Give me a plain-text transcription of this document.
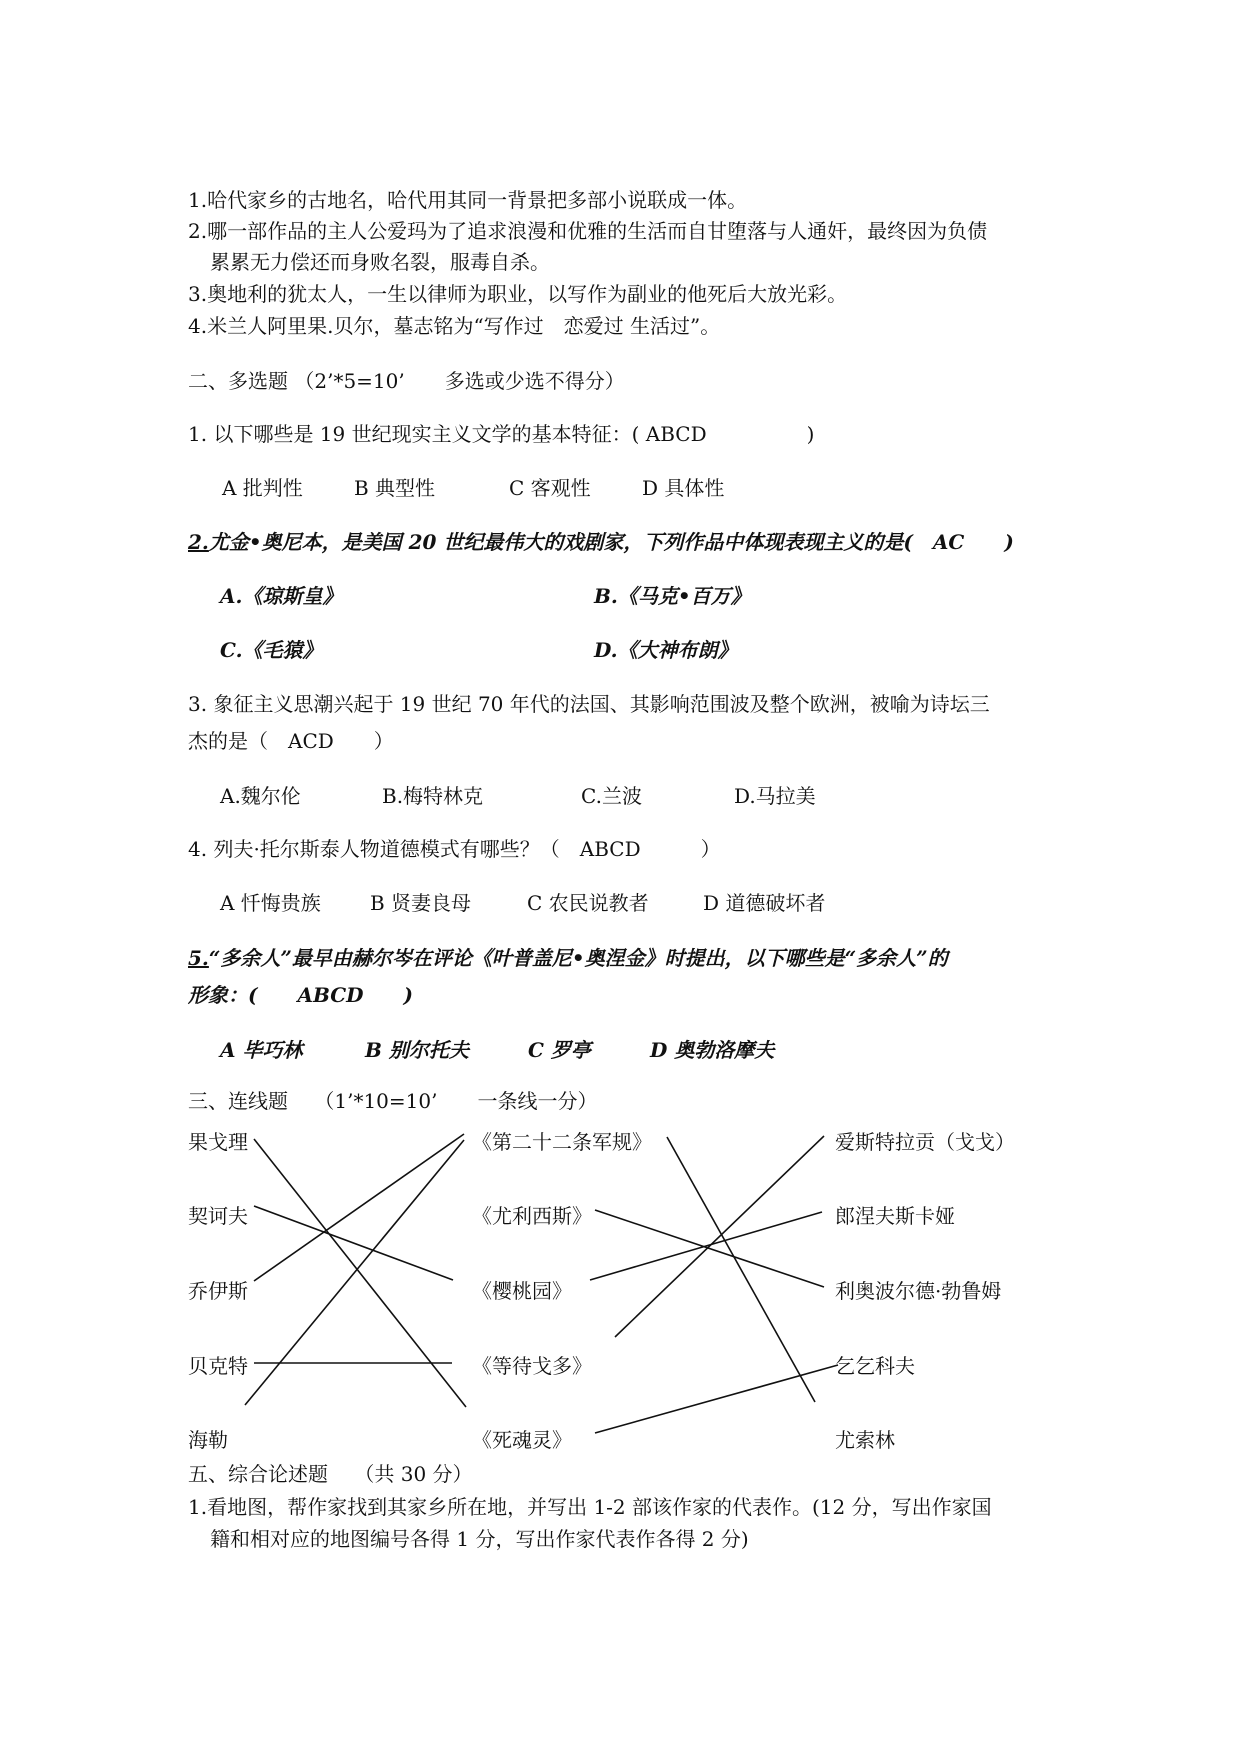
1.哈代家乡的古地名，哈代用其同一背景把多部小说联成一体。
2.哪一部作品的主人公爱玛为了追求浪漫和优雅的生活而自甘堕落与人通奸，最终因为负债
累累无力偿还而身败名裂，服毒自杀。
3.奥地利的犹太人，一生以律师为职业，以写作为副业的他死后大放光彩。
4.米兰人阿里果.贝尔，墓志铭为“写作过　恋爱过 生活过”。
二、多选题 （2’*5=10’　　多选或少选不得分）
1. 以下哪些是 19 世纪现实主义文学的基本特征：( ABCD　　　　　)
A 批判性	B 典型性	C 客观性	D 具体性
2.尤金•奥尼本，是美国 20 世纪最伟大的戏剧家，下列作品中体现表现主义的是(　AC　　)
A.《琼斯皇》	B.《马克•百万》
C.《毛猿》	D.《大神布朗》
3. 象征主义思潮兴起于 19 世纪 70 年代的法国、其影响范围波及整个欧洲，被喻为诗坛三
杰的是（　ACD　　）
A.魏尔伦	B.梅特林克	C.兰波	D.马拉美
4. 列夫·托尔斯泰人物道德模式有哪些？（　ABCD　　　）
A 忏悔贵族 B 贤妻良母	C 农民说教者	D 道德破坏者
5.“多余人”最早由赫尔岑在评论《叶普盖尼•奥涅金》时提出，以下哪些是“多余人”的
形象：(　　ABCD　　)
A 毕巧林	B 别尔托夫	C 罗亭	D 奥勃洛摩夫
三、连线题　 （1’*10=10’　　一条线一分）
果戈理
契诃夫
乔伊斯
贝克特
海勒
《第二十二条军规》
《尤利西斯》
《樱桃园》
《等待戈多》
《死魂灵》
爱斯特拉贡（戈戈）
郎涅夫斯卡娅
利奥波尔德·勃鲁姆
乞乞科夫
尤索林
五、综合论述题　 （共 30 分）
1.看地图，帮作家找到其家乡所在地，并写出 1-2 部该作家的代表作。(12 分，写出作家国
籍和相对应的地图编号各得 1 分，写出作家代表作各得 2 分)
